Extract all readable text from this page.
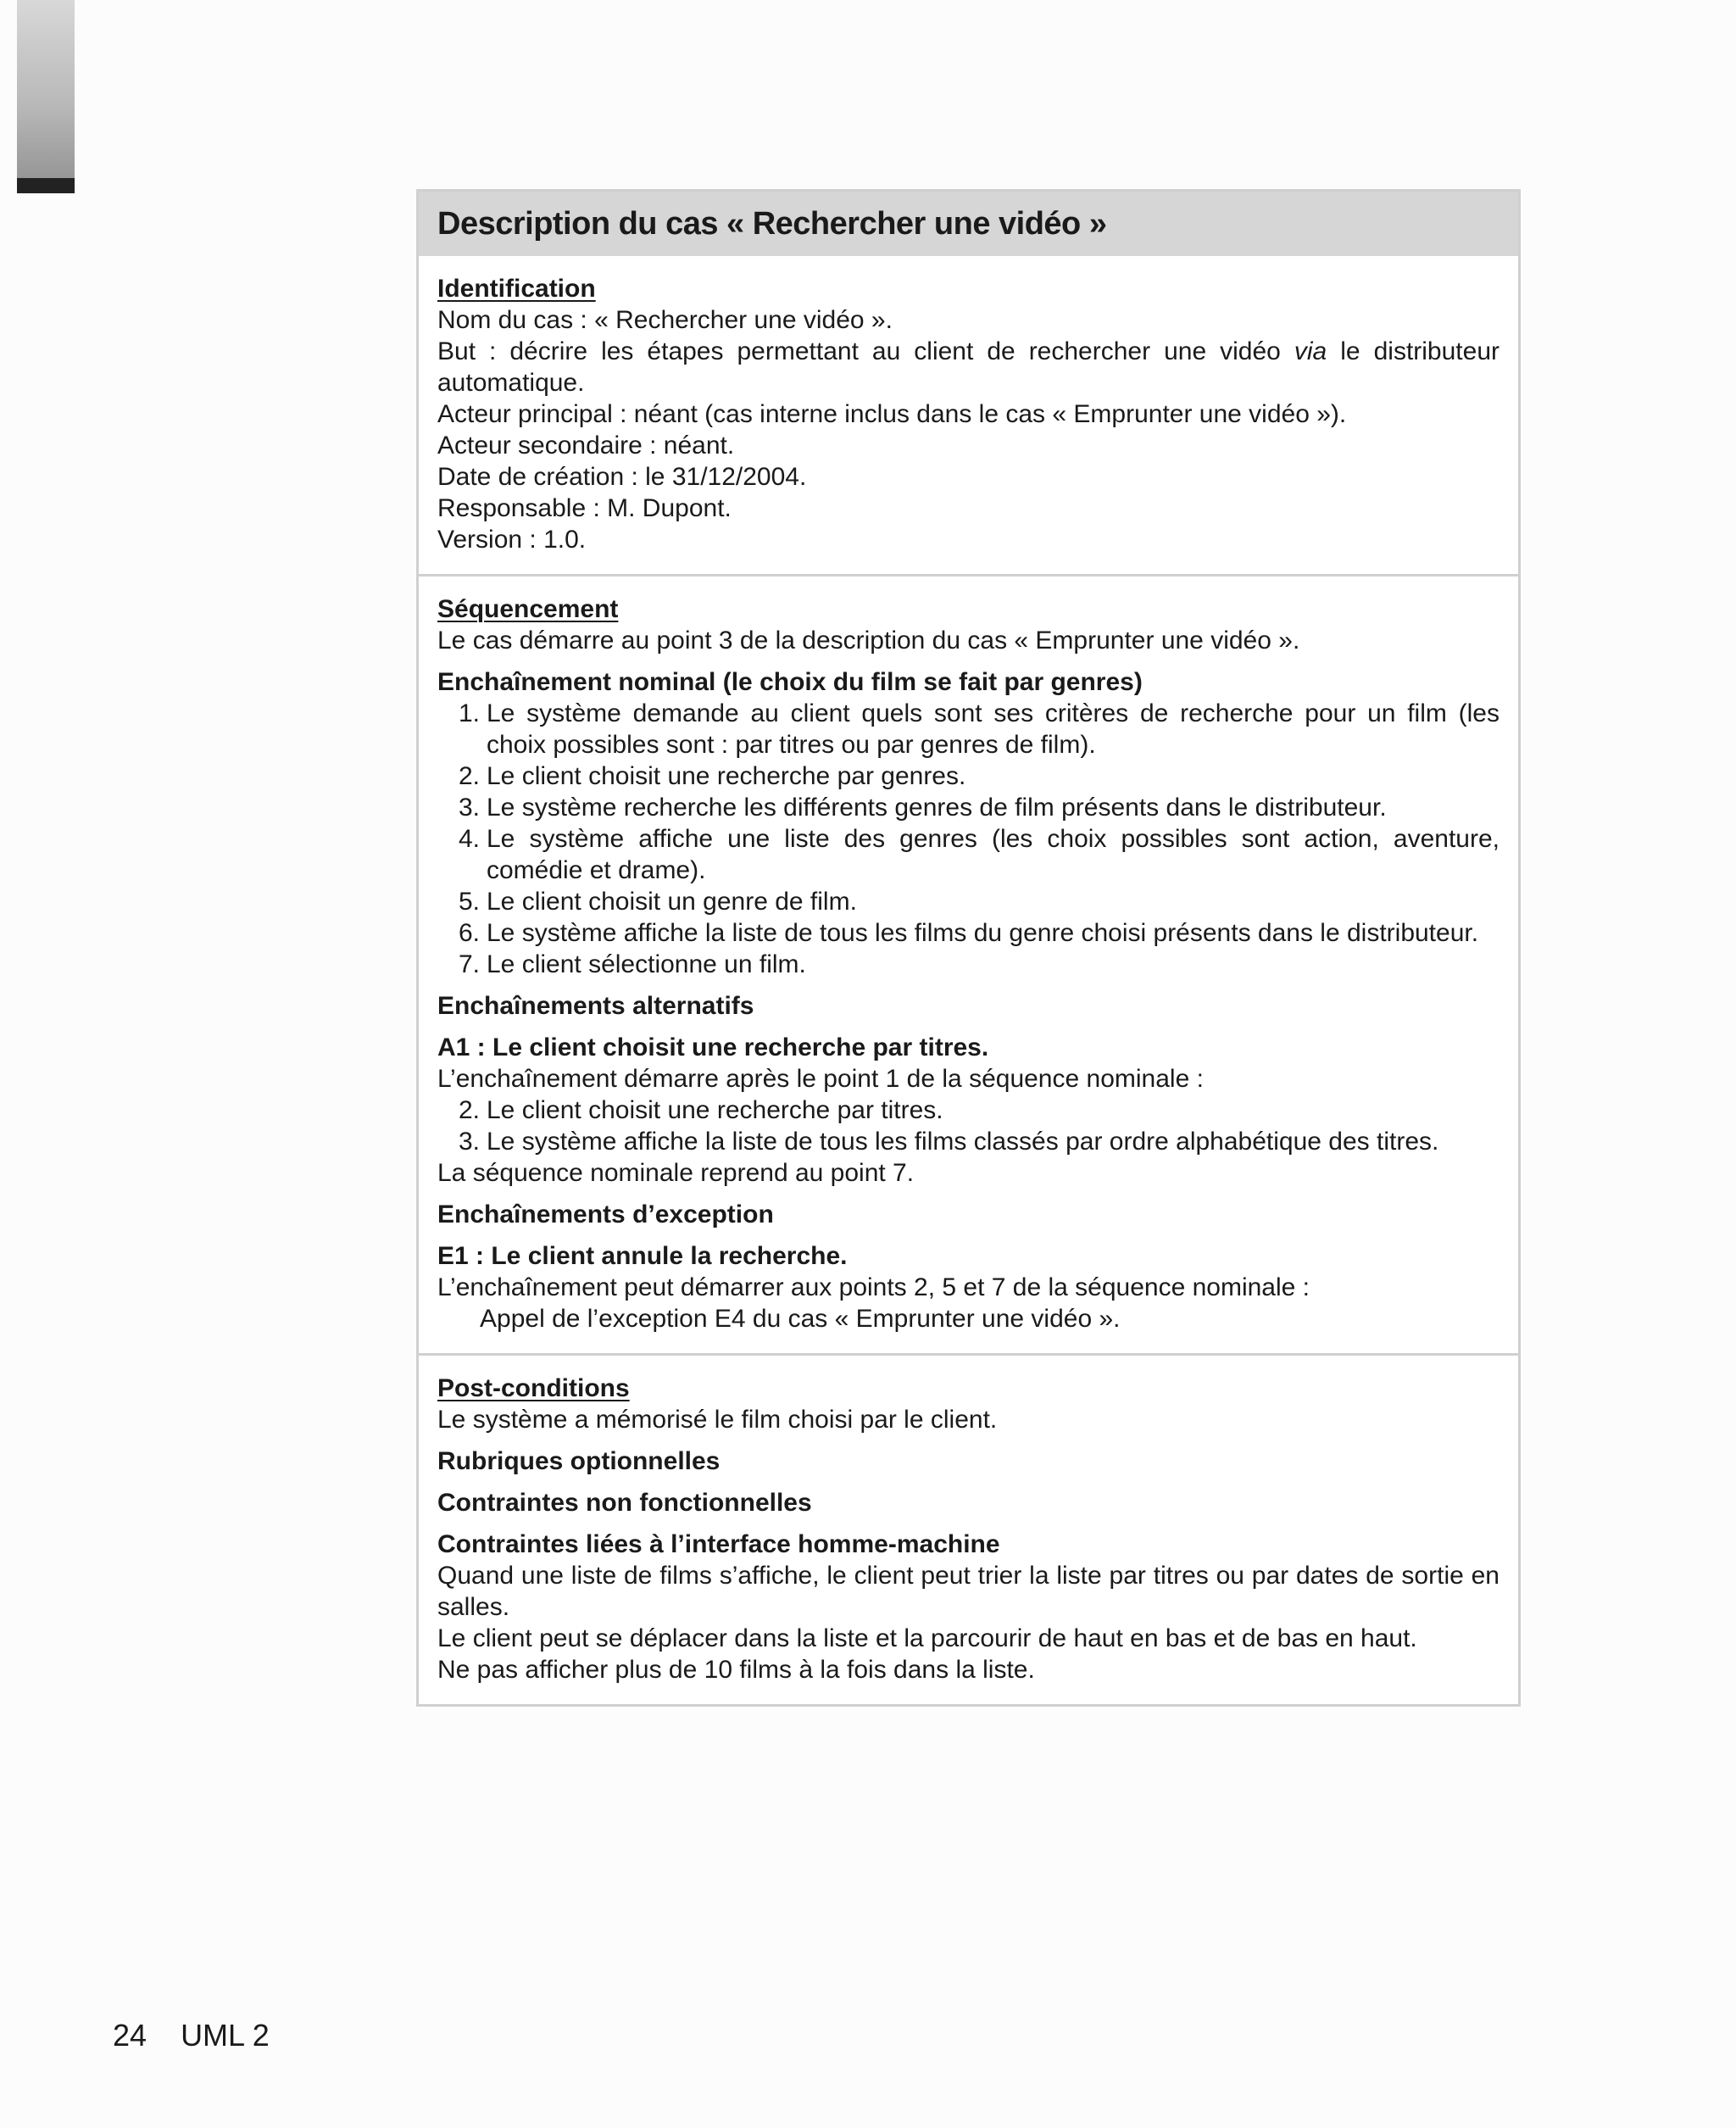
Description du cas « Rechercher une vidéo »
Identification
Nom du cas : « Rechercher une vidéo ».
But : décrire les étapes permettant au client de rechercher une vidéo via le distributeur automatique.
Acteur principal : néant (cas interne inclus dans le cas « Emprunter une vidéo »).
Acteur secondaire : néant.
Date de création : le 31/12/2004.
Responsable : M. Dupont.
Version : 1.0.
Séquencement
Le cas démarre au point 3 de la description du cas « Emprunter une vidéo ».
Enchaînement nominal (le choix du film se fait par genres)
1. Le système demande au client quels sont ses critères de recherche pour un film (les choix possibles sont : par titres ou par genres de film).
2. Le client choisit une recherche par genres.
3. Le système recherche les différents genres de film présents dans le distributeur.
4. Le système affiche une liste des genres (les choix possibles sont action, aventure, comédie et drame).
5. Le client choisit un genre de film.
6. Le système affiche la liste de tous les films du genre choisi présents dans le distributeur.
7. Le client sélectionne un film.
Enchaînements alternatifs
A1 : Le client choisit une recherche par titres.
L’enchaînement démarre après le point 1 de la séquence nominale :
2. Le client choisit une recherche par titres.
3. Le système affiche la liste de tous les films classés par ordre alphabétique des titres.
La séquence nominale reprend au point 7.
Enchaînements d’exception
E1 : Le client annule la recherche.
L’enchaînement peut démarrer aux points 2, 5 et 7 de la séquence nominale :
Appel de l’exception E4 du cas « Emprunter une vidéo ».
Post-conditions
Le système a mémorisé le film choisi par le client.
Rubriques optionnelles
Contraintes non fonctionnelles
Contraintes liées à l’interface homme-machine
Quand une liste de films s’affiche, le client peut trier la liste par titres ou par dates de sortie en salles.
Le client peut se déplacer dans la liste et la parcourir de haut en bas et de bas en haut.
Ne pas afficher plus de 10 films à la fois dans la liste.
24 UML 2
